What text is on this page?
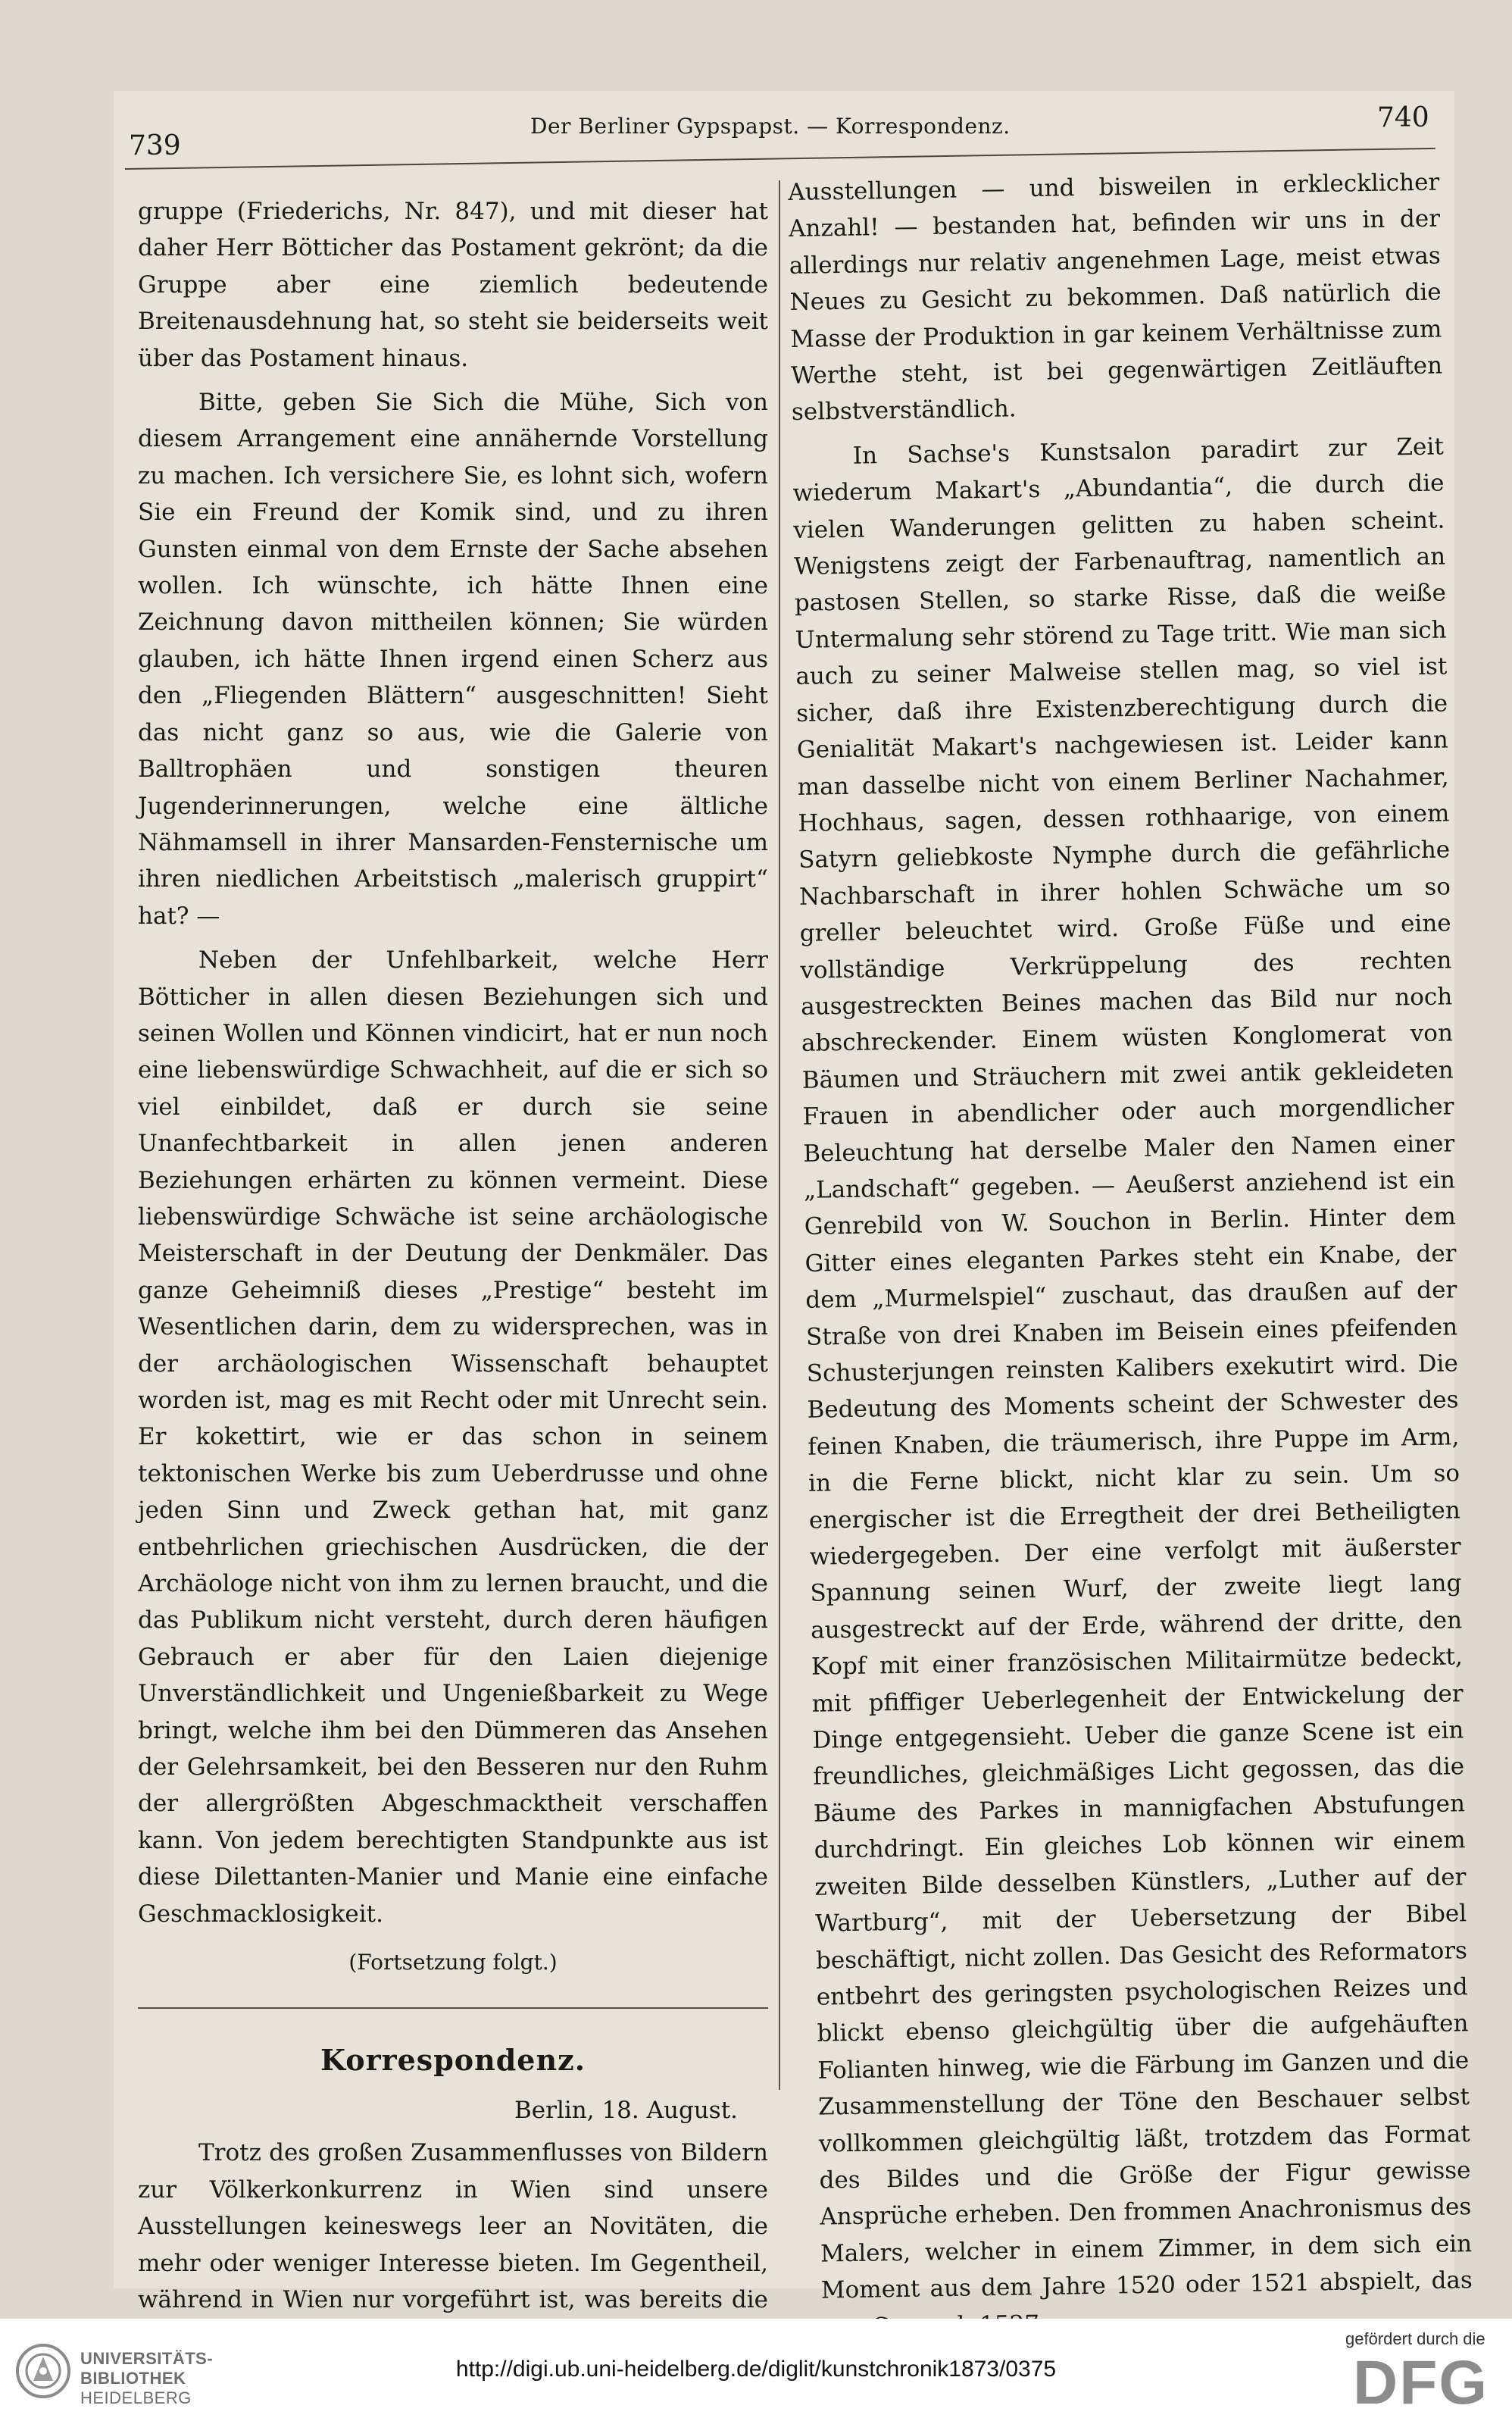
739
Der Berliner Gypspapst. — Korrespondenz.	740

gruppe (Friederichs, Nr. 847), und mit dieser hat daher Herr Bötticher das Postament gekrönt; da die Gruppe aber eine ziemlich bedeutende Breitenausdehnung hat, so steht sie beiderseits weit über das Postament hinaus.

Bitte, geben Sie Sich die Mühe, Sich von diesem Arrangement eine annähernde Vorstellung zu machen. Ich versichere Sie, es lohnt sich, wofern Sie ein Freund der Komik sind, und zu ihren Gunsten einmal von dem Ernste der Sache absehen wollen. Ich wünschte, ich hätte Ihnen eine Zeichnung davon mittheilen können; Sie würden glauben, ich hätte Ihnen irgend einen Scherz aus den „Fliegenden Blättern“ ausgeschnitten! Sieht das nicht ganz so aus, wie die Galerie von Balltrophäen und sonstigen theuren Jugenderinnerungen, welche eine ältliche Nähmamsell in ihrer Mansarden-Fensternische um ihren niedlichen Arbeitstisch „malerisch gruppirt“ hat? —

Neben der Unfehlbarkeit, welche Herr Bötticher in allen diesen Beziehungen sich und seinen Wollen und Können vindicirt, hat er nun noch eine liebenswürdige Schwachheit, auf die er sich so viel einbildet, daß er durch sie seine Unanfechtbarkeit in allen jenen anderen Beziehungen erhärten zu können vermeint. Diese liebenswürdige Schwäche ist seine archäologische Meisterschaft in der Deutung der Denkmäler. Das ganze Geheimniß dieses „Prestige“ besteht im Wesentlichen darin, dem zu widersprechen, was in der archäologischen Wissenschaft behauptet worden ist, mag es mit Recht oder mit Unrecht sein. Er kokettirt, wie er das schon in seinem tektonischen Werke bis zum Ueberdrusse und ohne jeden Sinn und Zweck gethan hat, mit ganz entbehrlichen griechischen Ausdrücken, die der Archäologe nicht von ihm zu lernen braucht, und die das Publikum nicht versteht, durch deren häufigen Gebrauch er aber für den Laien diejenige Unverständlichkeit und Ungenießbarkeit zu Wege bringt, welche ihm bei den Dümmeren das Ansehen der Gelehrsamkeit, bei den Besseren nur den Ruhm der allergrößten Abgeschmacktheit verschaffen kann. Von jedem berechtigten Standpunkte aus ist diese Dilettanten-Manier und Manie eine einfache Geschmacklosigkeit.

(Fortsetzung folgt.)

Korrespondenz.

Berlin, 18. August.

Trotz des großen Zusammenflusses von Bildern zur Völkerkonkurrenz in Wien sind unsere Ausstellungen keineswegs leer an Novitäten, die mehr oder weniger Interesse bieten. Im Gegentheil, während in Wien nur vorgeführt ist, was bereits die

Ausstellungen — und bisweilen in erklecklicher Anzahl! — bestanden hat, befinden wir uns in der allerdings nur relativ angenehmen Lage, meist etwas Neues zu Gesicht zu bekommen. Daß natürlich die Masse der Produktion in gar keinem Verhältnisse zum Werthe steht, ist bei gegenwärtigen Zeitläuften selbstverständlich.

In Sachse's Kunstsalon paradirt zur Zeit wiederum Makart's „Abundantia“, die durch die vielen Wanderungen gelitten zu haben scheint. Wenigstens zeigt der Farbenauftrag, namentlich an pastosen Stellen, so starke Risse, daß die weiße Untermalung sehr störend zu Tage tritt. Wie man sich auch zu seiner Malweise stellen mag, so viel ist sicher, daß ihre Existenzberechtigung durch die Genialität Makart's nachgewiesen ist. Leider kann man dasselbe nicht von einem Berliner Nachahmer, Hochhaus, sagen, dessen rothhaarige, von einem Satyrn geliebkoste Nymphe durch die gefährliche Nachbarschaft in ihrer hohlen Schwäche um so greller beleuchtet wird. Große Füße und eine vollständige Verkrüppelung des rechten ausgestreckten Beines machen das Bild nur noch abschreckender. Einem wüsten Konglomerat von Bäumen und Sträuchern mit zwei antik gekleideten Frauen in abendlicher oder auch morgendlicher Beleuchtung hat derselbe Maler den Namen einer „Landschaft“ gegeben. — Aeußerst anziehend ist ein Genrebild von W. Souchon in Berlin. Hinter dem Gitter eines eleganten Parkes steht ein Knabe, der dem „Murmelspiel“ zuschaut, das draußen auf der Straße von drei Knaben im Beisein eines pfeifenden Schusterjungen reinsten Kalibers exekutirt wird. Die Bedeutung des Moments scheint der Schwester des feinen Knaben, die träumerisch, ihre Puppe im Arm, in die Ferne blickt, nicht klar zu sein. Um so energischer ist die Erregtheit der drei Betheiligten wiedergegeben. Der eine verfolgt mit äußerster Spannung seinen Wurf, der zweite liegt lang ausgestreckt auf der Erde, während der dritte, den Kopf mit einer französischen Militairmütze bedeckt, mit pfiffiger Ueberlegenheit der Entwickelung der Dinge entgegensieht. Ueber die ganze Scene ist ein freundliches, gleichmäßiges Licht gegossen, das die Bäume des Parkes in mannigfachen Abstufungen durchdringt. Ein gleiches Lob können wir einem zweiten Bilde desselben Künstlers, „Luther auf der Wartburg“, mit der Uebersetzung der Bibel beschäftigt, nicht zollen. Das Gesicht des Reformators entbehrt des geringsten psychologischen Reizes und blickt ebenso gleichgültig über die aufgehäuften Folianten hinweg, wie die Färbung im Ganzen und die Zusammenstellung der Töne den Beschauer selbst vollkommen gleichgültig läßt, trotzdem das Format des Bildes und die Größe der Figur gewisse Ansprüche erheben. Den frommen Anachronismus des Malers, welcher in einem Zimmer, in dem sich ein Moment aus dem Jahre 1520 oder 1521 abspielt, das

UNIVERSITÄTS-
BIBLIOTHEK
HEIDELBERG
http://digi.ub.uni-heidelberg.de/diglit/kunstchronik1873/0375
gefördert durch die
DFG
